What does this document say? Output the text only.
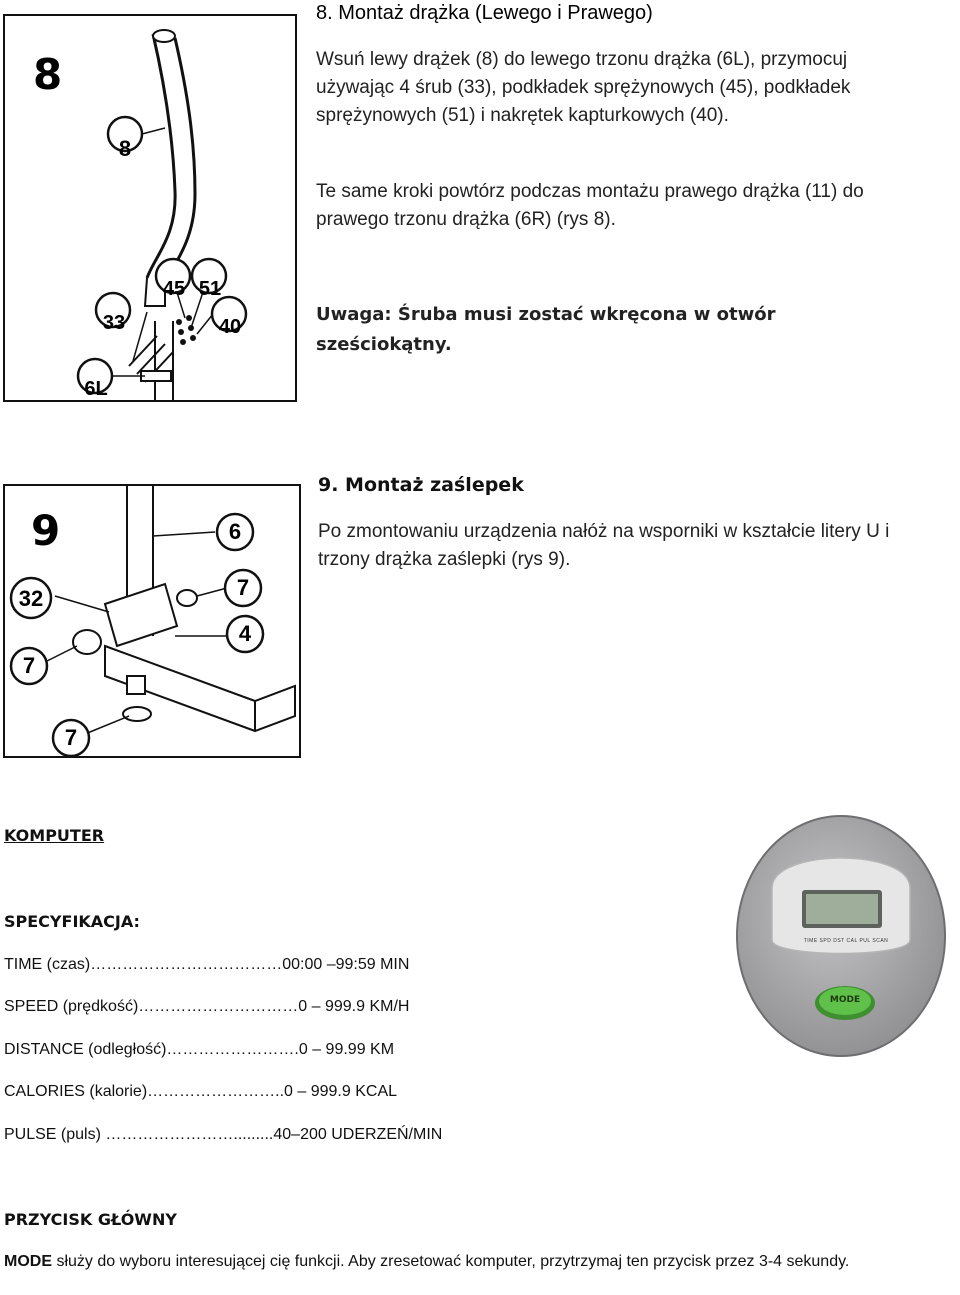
8
8
45 51
33	40
6L
8. Montaż drążka (Lewego i Prawego)

Wsuń lewy drążek (8) do lewego trzonu drążka (6L), przymocuj używając 4 śrub (33), podkładek sprężynowych (45), podkładek sprężynowych (51) i nakrętek kapturkowych (40).

Te same kroki powtórz podczas montażu prawego drążka (11) do prawego trzonu drążka (6R) (rys 8).

Uwaga: Śruba musi zostać wkręcona w otwór sześciokątny.

9	6
32	7
4
7
7
9. Montaż zaślepek

Po zmontowaniu urządzenia nałóż na wsporniki w kształcie litery U i trzony drążka zaślepki (rys 9).

KOMPUTER
SPECYFIKACJA:
TIME (czas)………………………………00:00 –99:59 MIN
SPEED (prędkość)…………………………0 – 999.9 KM/H
DISTANCE (odległość)…………………….0 – 99.99 KM
CALORIES (kalorie)……………………..0 – 999.9 KCAL
PULSE (puls) …………………….........40–200 UDERZEŃ/MIN
TIME SPD DST CAL PUL SCAN
MODE
PRZYCISK GŁÓWNY

MODE służy do wyboru interesującej cię funkcji. Aby zresetować komputer, przytrzymaj ten przycisk przez 3-4 sekundy.
